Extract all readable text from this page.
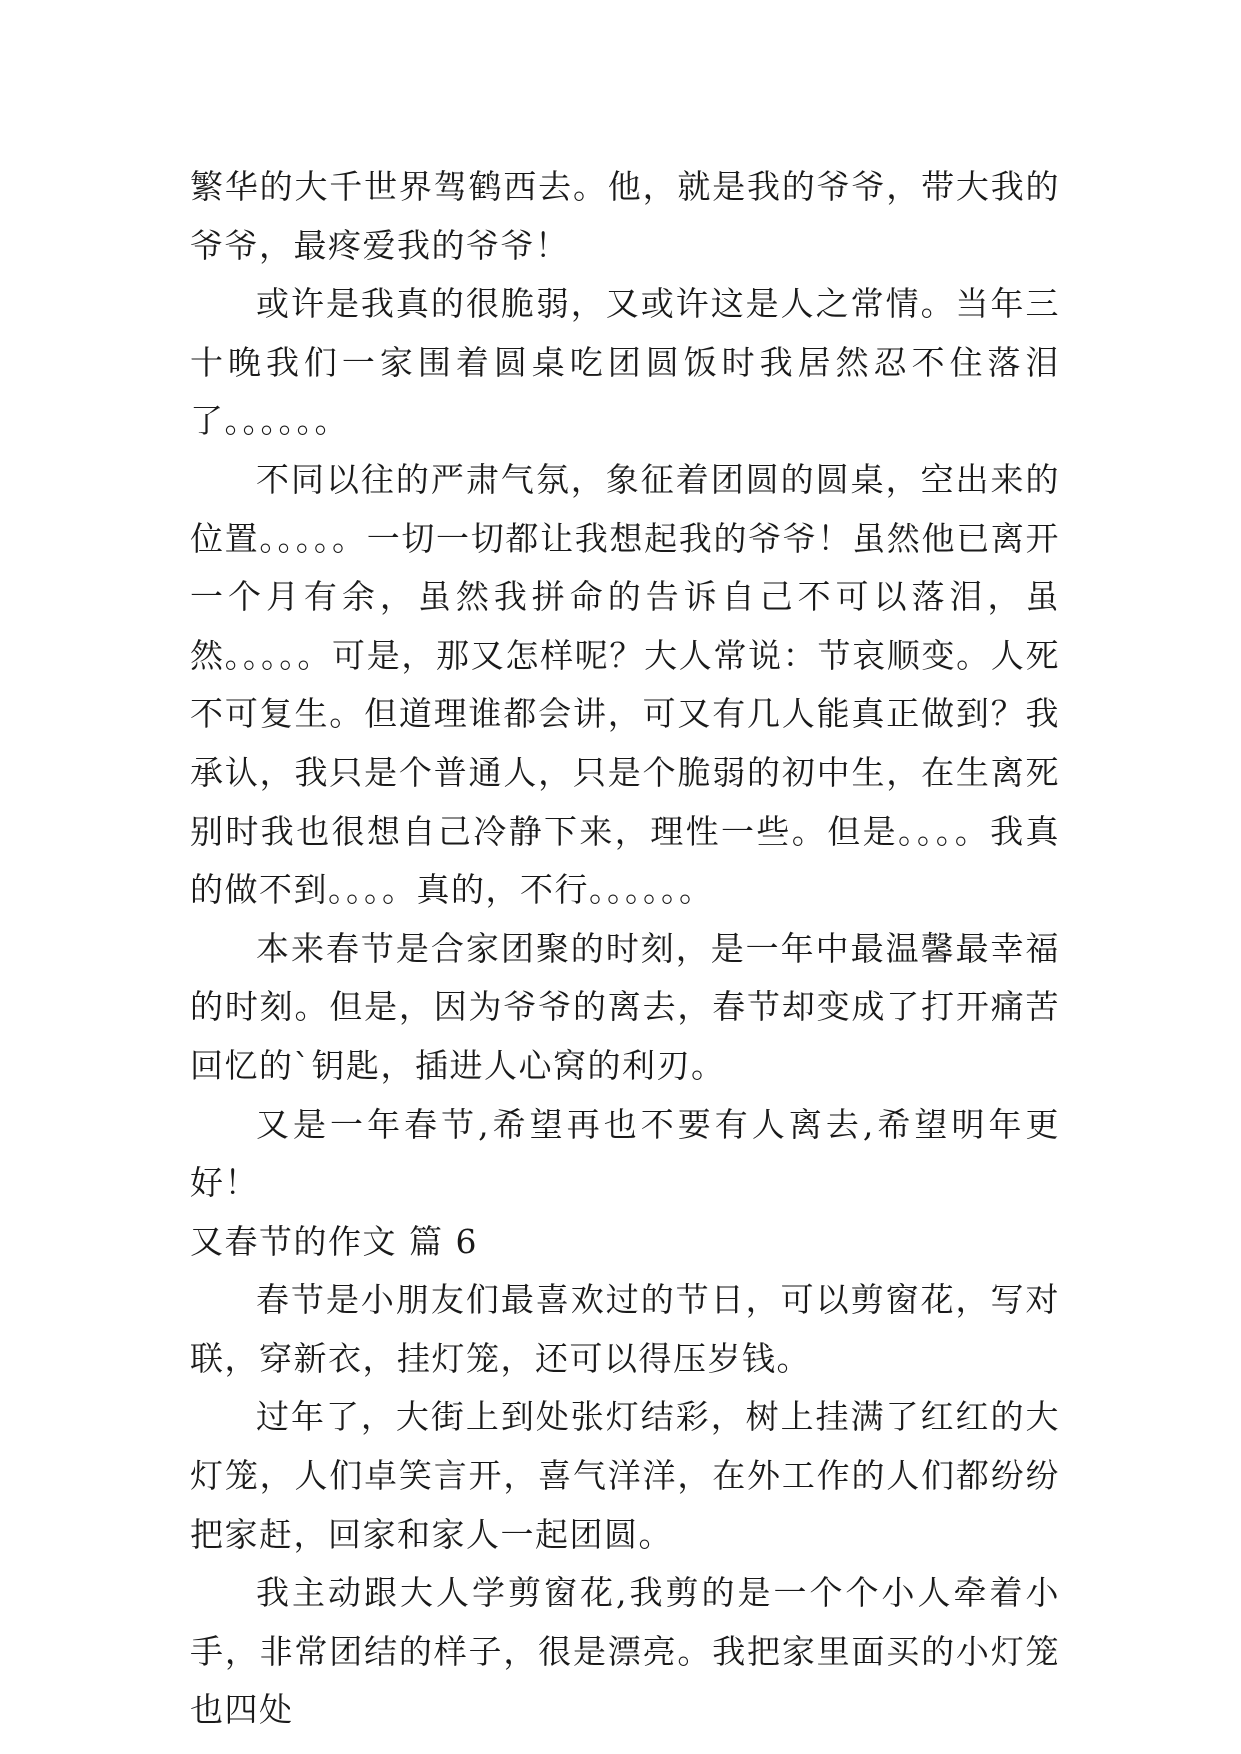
繁华的大千世界驾鹤西去。他，就是我的爷爷，带大我的爷爷，最疼爱我的爷爷！

或许是我真的很脆弱，又或许这是人之常情。当年三十晚我们一家围着圆桌吃团圆饭时我居然忍不住落泪了。。。。。。

不同以往的严肃气氛，象征着团圆的圆桌，空出来的位置。。。。。一切一切都让我想起我的爷爷！虽然他已离开一个月有余，虽然我拼命的告诉自己不可以落泪，虽然。。。。。可是，那又怎样呢？大人常说：节哀顺变。人死不可复生。但道理谁都会讲，可又有几人能真正做到？我承认，我只是个普通人，只是个脆弱的初中生，在生离死别时我也很想自己冷静下来，理性一些。但是。。。。我真的做不到。。。。真的，不行。。。。。。

本来春节是合家团聚的时刻，是一年中最温馨最幸福的时刻。但是，因为爷爷的离去，春节却变成了打开痛苦回忆的`钥匙，插进人心窝的利刃。

又是一年春节,希望再也不要有人离去,希望明年更好！

又春节的作文 篇 6

春节是小朋友们最喜欢过的节日，可以剪窗花，写对联，穿新衣，挂灯笼，还可以得压岁钱。

过年了，大街上到处张灯结彩，树上挂满了红红的大灯笼，人们卓笑言开，喜气洋洋，在外工作的人们都纷纷把家赶，回家和家人一起团圆。

我主动跟大人学剪窗花,我剪的是一个个小人牵着小手，非常团结的样子，很是漂亮。我把家里面买的小灯笼也四处
